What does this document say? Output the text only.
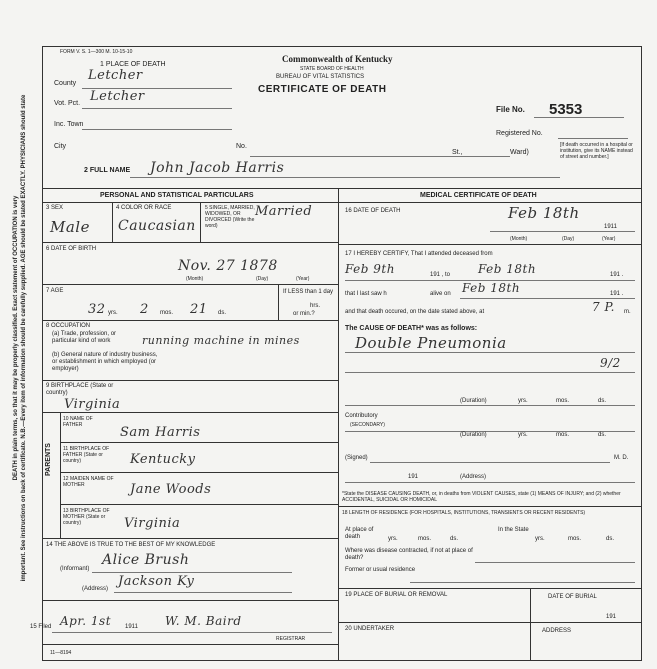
DEATH in plain terms, so that it may be properly classified. Exact statement of OCCUPATION is very important. See instructions on back of certificate. N.B.—Every item of information should be carefully supplied. AGE should be stated EXACTLY. PHYSICIANS should state
FORM V. S. 1—300 M. 10-15-10
Commonwealth of Kentucky
STATE BOARD OF HEALTH
BUREAU OF VITAL STATISTICS
CERTIFICATE OF DEATH
1 PLACE OF DEATH
County
Letcher
Vot. Pct. Letcher
Inc. Town
City	No.
St.,	Ward)
2 FULL NAME John Jacob Harris
File No. 5353
Registered No.
[If death occurred in a hospital or institution, give its NAME instead of street and number.]
PERSONAL AND STATISTICAL PARTICULARS	MEDICAL CERTIFICATE OF DEATH
3 SEX
Male
4 COLOR OR RACE
Caucasian
5 SINGLE, MARRIED, WIDOWED, OR DIVORCED (Write the word)
Married
6 DATE OF BIRTH
Nov. 27 1878
(Month)	(Day)	(Year)
7 AGE
32 yrs. 2 mos. 21 ds.
If LESS than 1 day
hrs.
or min.?
8 OCCUPATION
(a) Trade, profession, or particular kind of work	running machine in mines
(b) General nature of industry business, or establishment in which employed (or employer)
9 BIRTHPLACE (State or country)
Virginia
PARENTS
10 NAME OF FATHER	Sam Harris
11 BIRTHPLACE OF FATHER (State or country)	Kentucky
12 MAIDEN NAME OF MOTHER	Jane Woods
13 BIRTHPLACE OF MOTHER (State or country)	Virginia
14 THE ABOVE IS TRUE TO THE BEST OF MY KNOWLEDGE
(Informant)
Alice Brush
(Address) Jackson Ky
15 Filed Apr. 1st 1911 W. M. Baird
REGISTRAR
11—8194
16 DATE OF DEATH	Feb 18th
1911
(Month)	(Day)	(Year)
17 I HEREBY CERTIFY, That I attended deceased from
Feb 9th	191 , to Feb 18th	191 .
that I last saw h	alive on Feb 18th	191 .
and that death occured, on the date stated above, at	7 P. m.
The CAUSE OF DEATH* was as follows:
Double Pneumonia
9/2
(Duration)	yrs.	mos.	ds.
Contributory
(SECONDARY)
(Duration)	yrs.	mos.	ds.
(Signed)	M. D.
191	(Address)
*State the DISEASE CAUSING DEATH, or, in deaths from VIOLENT CAUSES, state (1) MEANS OF INJURY; and (2) whether ACCIDENTAL, SUICIDAL OR HOMICIDAL
18 LENGTH OF RESIDENCE (FOR HOSPITALS, INSTITUTIONS, TRANSIENTS OR RECENT RESIDENTS)
At place of death	yrs.	mos.	ds.
In the State
yrs.	mos.	ds.
Where was disease contracted, if not at place of death?
Former or usual residence
19 PLACE OF BURIAL OR REMOVAL	DATE OF BURIAL
191
20 UNDERTAKER	ADDRESS
